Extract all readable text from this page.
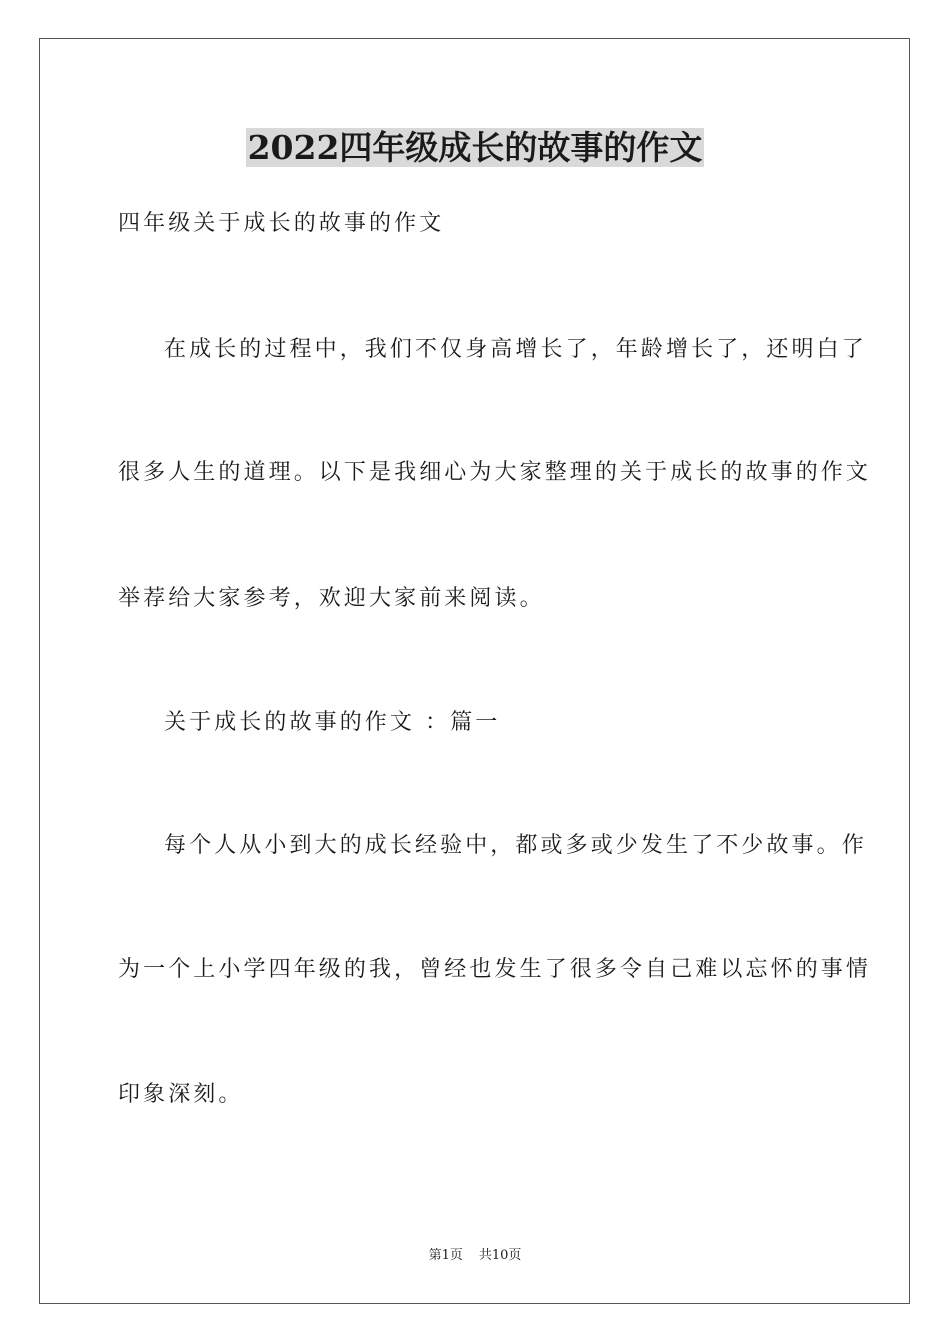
2022四年级成长的故事的作文
四年级关于成长的故事的作文
在成长的过程中，我们不仅身高增长了，年龄增长了，还明白了
很多人生的道理。以下是我细心为大家整理的关于成长的故事的作文
举荐给大家参考，欢迎大家前来阅读。
关于成长的故事的作文 ：篇一
每个人从小到大的成长经验中，都或多或少发生了不少故事。作
为一个上小学四年级的我，曾经也发生了很多令自己难以忘怀的事情
印象深刻。
第1页 共10页
